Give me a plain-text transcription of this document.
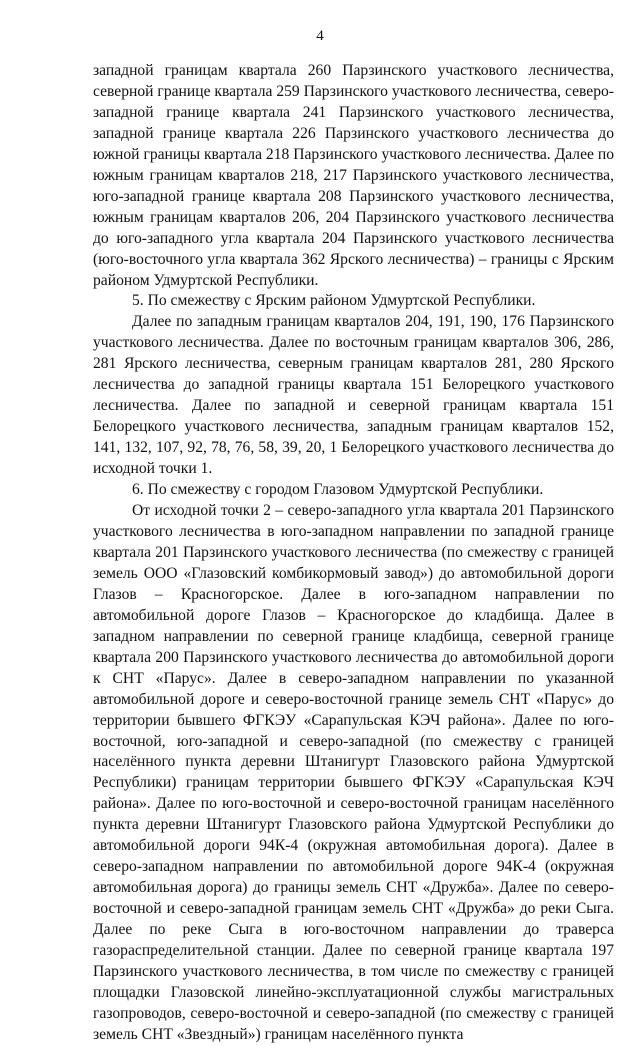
4

западной границам квартала 260 Парзинского участкового лесничества, северной границе квартала 259 Парзинского участкового лесничества, северо-западной границе квартала 241 Парзинского участкового лесничества, западной границе квартала 226 Парзинского участкового лесничества до южной границы квартала 218 Парзинского участкового лесничества. Далее по южным границам кварталов 218, 217 Парзинского участкового лесничества, юго-западной границе квартала 208 Парзинского участкового лесничества, южным границам кварталов 206, 204 Парзинского участкового лесничества до юго-западного угла квартала 204 Парзинского участкового лесничества (юго-восточного угла квартала 362 Ярского лесничества) – границы с Ярским районом Удмуртской Республики.

5. По смежеству с Ярским районом Удмуртской Республики.

Далее по западным границам кварталов 204, 191, 190, 176 Парзинского участкового лесничества. Далее по восточным границам кварталов 306, 286, 281 Ярского лесничества, северным границам кварталов 281, 280 Ярского лесничества до западной границы квартала 151 Белорецкого участкового лесничества. Далее по западной и северной границам квартала 151 Белорецкого участкового лесничества, западным границам кварталов 152, 141, 132, 107, 92, 78, 76, 58, 39, 20, 1 Белорецкого участкового лесничества до исходной точки 1.

6. По смежеству с городом Глазовом Удмуртской Республики.

От исходной точки 2 – северо-западного угла квартала 201 Парзинского участкового лесничества в юго-западном направлении по западной границе квартала 201 Парзинского участкового лесничества (по смежеству с границей земель ООО «Глазовский комбикормовый завод») до автомобильной дороги Глазов – Красногорское. Далее в юго-западном направлении по автомобильной дороге Глазов – Красногорское до кладбища. Далее в западном направлении по северной границе кладбища, северной границе квартала 200 Парзинского участкового лесничества до автомобильной дороги к СНТ «Парус». Далее в северо-западном направлении по указанной автомобильной дороге и северо-восточной границе земель СНТ «Парус» до территории бывшего ФГКЭУ «Сарапульская КЭЧ района». Далее по юго-восточной, юго-западной и северо-западной (по смежеству с границей населённого пункта деревни Штанигурт Глазовского района Удмуртской Республики) границам территории бывшего ФГКЭУ «Сарапульская КЭЧ района». Далее по юго-восточной и северо-восточной границам населённого пункта деревни Штанигурт Глазовского района Удмуртской Республики до автомобильной дороги 94К-4 (окружная автомобильная дорога). Далее в северо-западном направлении по автомобильной дороге 94К-4 (окружная автомобильная дорога) до границы земель СНТ «Дружба». Далее по северо-восточной и северо-западной границам земель СНТ «Дружба» до реки Сыга. Далее по реке Сыга в юго-восточном направлении до траверса газораспределительной станции. Далее по северной границе квартала 197 Парзинского участкового лесничества, в том числе по смежеству с границей площадки Глазовской линейно-эксплуатационной службы магистральных газопроводов, северо-восточной и северо-западной (по смежеству с границей земель СНТ «Звездный») границам населённого пункта
